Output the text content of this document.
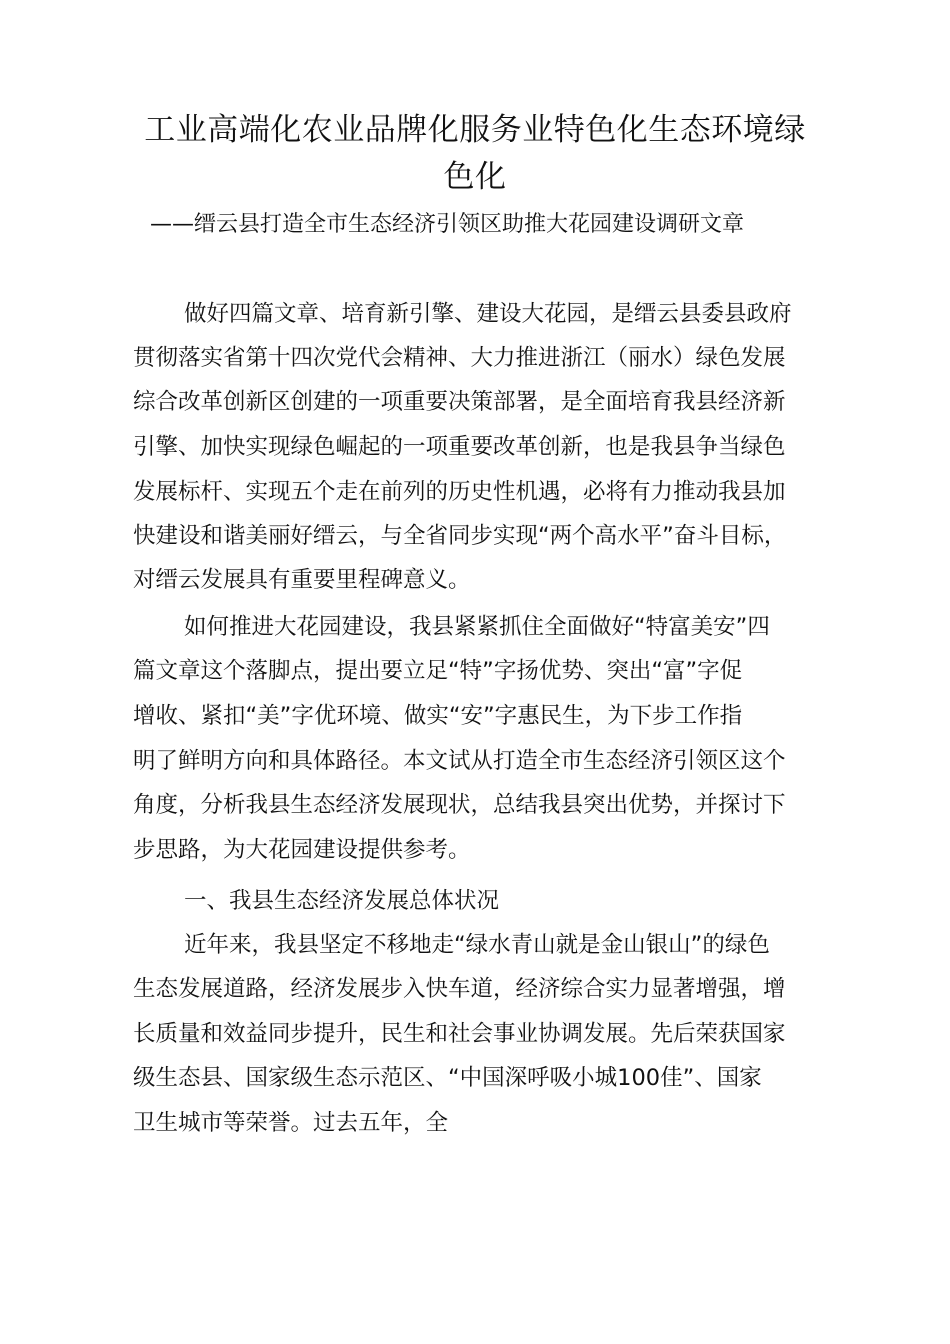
工业高端化农业品牌化服务业特色化生态环境绿
色化

——缙云县打造全市生态经济引领区助推大花园建设调研文章

做好四篇文章、培育新引擎、建设大花园，是缙云县委县政府

贯彻落实省第十四次党代会精神、大力推进浙江（丽水）绿色发展

综合改革创新区创建的一项重要决策部署，是全面培育我县经济新

引擎、加快实现绿色崛起的一项重要改革创新，也是我县争当绿色

发展标杆、实现五个走在前列的历史性机遇，必将有力推动我县加

快建设和谐美丽好缙云，与全省同步实现“两个高水平”奋斗目标，

对缙云发展具有重要里程碑意义。

如何推进大花园建设，我县紧紧抓住全面做好“特富美安”四

篇文章这个落脚点，提出要立足“特”字扬优势、突出“富”字促

增收、紧扣“美”字优环境、做实“安”字惠民生，为下步工作指

明了鲜明方向和具体路径。本文试从打造全市生态经济引领区这个

角度，分析我县生态经济发展现状，总结我县突出优势，并探讨下

步思路，为大花园建设提供参考。

一、我县生态经济发展总体状况

近年来，我县坚定不移地走“绿水青山就是金山银山”的绿色

生态发展道路，经济发展步入快车道，经济综合实力显著增强，增

长质量和效益同步提升，民生和社会事业协调发展。先后荣获国家

级生态县、国家级生态示范区、“中国深呼吸小城100佳”、国家

卫生城市等荣誉。过去五年，全
